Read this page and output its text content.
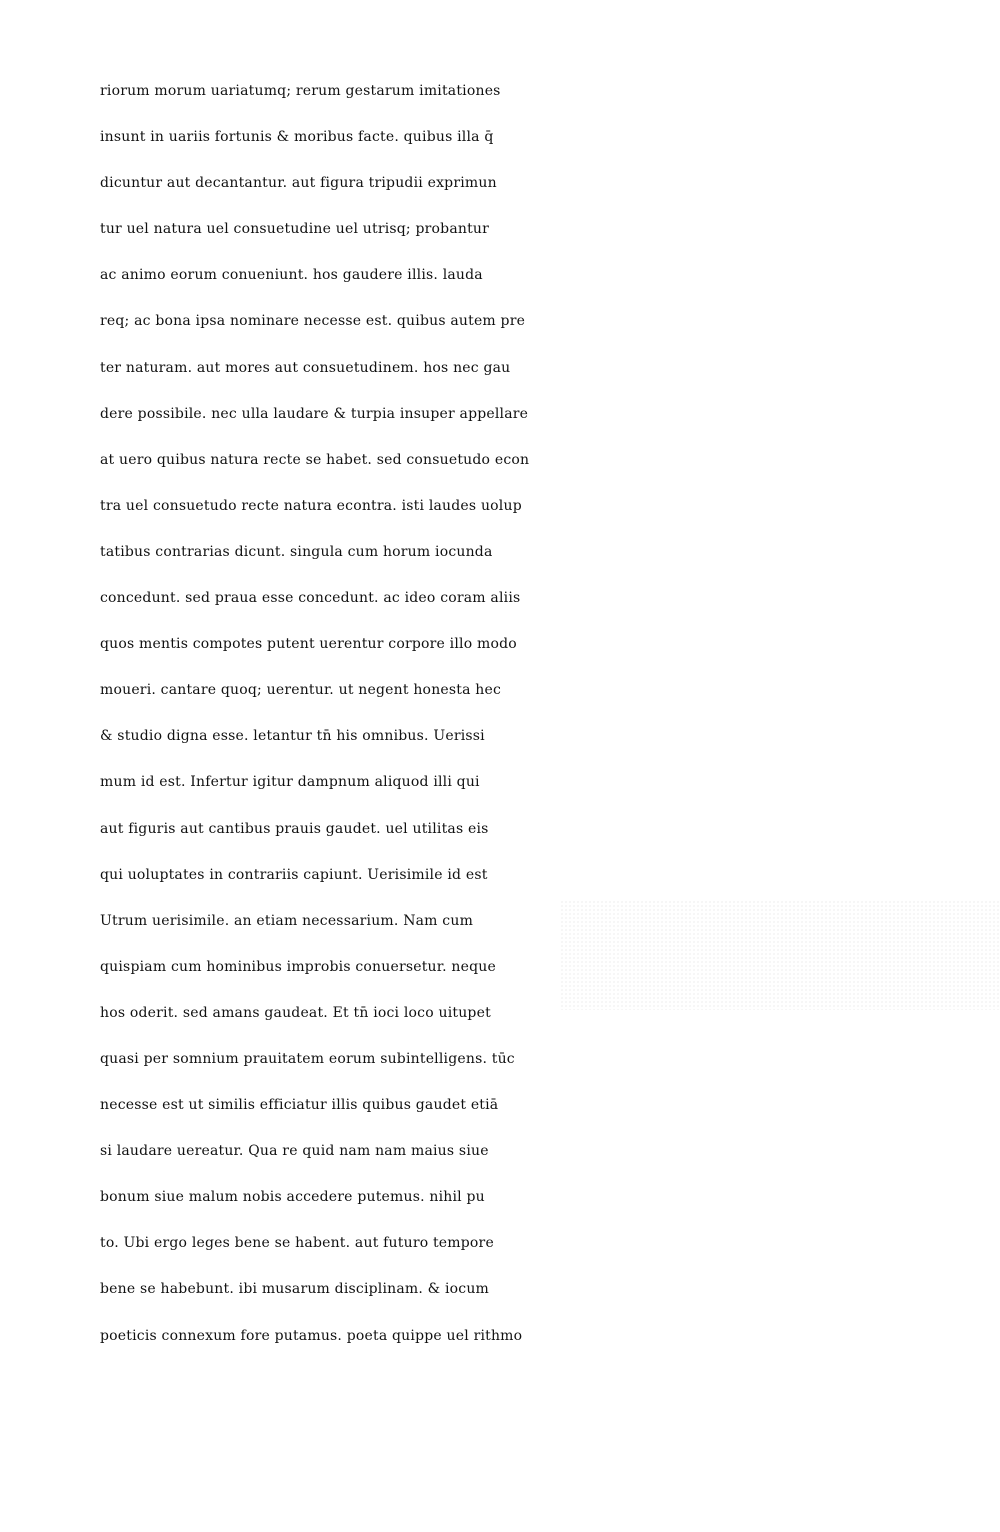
riorum morum uariatumq; rerum gestarum imitationes
insunt in uariis fortunis & moribus facte. quibus illa q̄
dicuntur aut decantantur. aut figura tripudii exprimun
tur uel natura uel consuetudine uel utrisq; probantur
ac animo eorum conueniunt. hos gaudere illis. lauda
req; ac bona ipsa nominare necesse est. quibus autem pre
ter naturam. aut mores aut consuetudinem. hos nec gau
dere possibile. nec ulla laudare & turpia insuper appellare
at uero quibus natura recte se habet. sed consuetudo econ
tra uel consuetudo recte natura econtra. isti laudes uolup
tatibus contrarias dicunt. singula cum horum iocunda
concedunt. sed praua esse concedunt. ac ideo coram aliis
quos mentis compotes putent uerentur corpore illo modo
moueri. cantare quoq; uerentur. ut negent honesta hec
& studio digna esse. letantur tn̄ his omnibus. Uerissi
mum id est. Infertur igitur dampnum aliquod illi qui
aut figuris aut cantibus prauis gaudet. uel utilitas eis
qui uoluptates in contrariis capiunt. Uerisimile id est
Utrum uerisimile. an etiam necessarium. Nam cum
quispiam cum hominibus improbis conuersetur. neque
hos oderit. sed amans gaudeat. Et tn̄ ioci loco uitupet
quasi per somnium prauitatem eorum subintelligens. tūc
necesse est ut similis efficiatur illis quibus gaudet etiā
si laudare uereatur. Qua re quid nam nam maius siue
bonum siue malum nobis accedere putemus. nihil pu
to. Ubi ergo leges bene se habent. aut futuro tempore
bene se habebunt. ibi musarum disciplinam. & iocum
poeticis connexum fore putamus. poeta quippe uel rithmo
